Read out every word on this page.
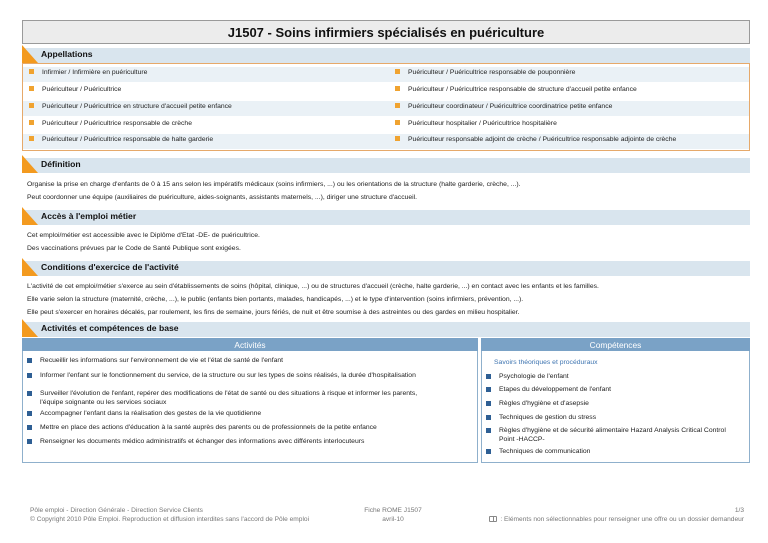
J1507 - Soins infirmiers spécialisés en puériculture
Appellations
Infirmier / Infirmière en puériculture	Puériculteur / Puéricultrice responsable de pouponnière
Puériculteur / Puéricultrice	Puériculteur / Puéricultrice responsable de structure d'accueil petite enfance
Puériculteur / Puéricultrice en structure d'accueil petite enfance	Puériculteur coordinateur / Puéricultrice coordinatrice petite enfance
Puériculteur / Puéricultrice responsable de crèche	Puériculteur hospitalier / Puéricultrice hospitalière
Puériculteur / Puéricultrice responsable de halte garderie	Puériculteur responsable adjoint de crèche / Puéricultrice responsable adjointe de crèche
Définition
Organise la prise en charge d'enfants de 0 à 15 ans selon les impératifs médicaux (soins infirmiers, ...) ou les orientations de la structure (halte garderie, crèche, ...).
Peut coordonner une équipe (auxiliaires de puériculture, aides-soignants, assistants maternels, ...), diriger une structure d'accueil.
Accès à l'emploi métier
Cet emploi/métier est accessible avec le Diplôme d'Etat -DE- de puéricultrice.
Des vaccinations prévues par le Code de Santé Publique sont exigées.
Conditions d'exercice de l'activité
L'activité de cet emploi/métier s'exerce au sein d'établissements de soins (hôpital, clinique, ...) ou de structures d'accueil (crèche, halte garderie, ...) en contact avec les enfants et les familles.
Elle varie selon la structure (maternité, crèche, ...), le public (enfants bien portants, malades, handicapés, ...) et le type d'intervention (soins infirmiers, prévention, ...).
Elle peut s'exercer en horaires décalés, par roulement, les fins de semaine, jours fériés, de nuit et être soumise à des astreintes ou des gardes en milieu hospitalier.
Activités et compétences de base
Activités	Compétences
Recueillir les informations sur l'environnement de vie et l'état de santé de l'enfant
Informer l'enfant sur le fonctionnement du service, de la structure ou sur les types de soins réalisés, la durée d'hospitalisation
Surveiller l'évolution de l'enfant, repérer des modifications de l'état de santé ou des situations à risque et informer les parents,
l'équipe soignante ou les services sociaux
Accompagner l'enfant dans la réalisation des gestes de la vie quotidienne
Mettre en place des actions d'éducation à la santé auprès des parents ou de professionnels de la petite enfance
Renseigner les documents médico administratifs et échanger des informations avec différents interlocuteurs
Psychologie de l'enfant
Etapes du développement de l'enfant
Règles d'hygiène et d'asepsie
Techniques de gestion du stress
Règles d'hygiène et de sécurité alimentaire Hazard Analysis Critical Control
Point -HACCP-
Techniques de communication
Savoirs théoriques et procéduraux
Pôle emploi - Direction Générale - Direction Service Clients
© Copyright 2010 Pôle Emploi. Reproduction et diffusion interdites sans l'accord de Pôle emploi
Fiche ROME J1507
avril-10
1/3
: Eléments non sélectionnables pour renseigner une offre ou un dossier demandeur
